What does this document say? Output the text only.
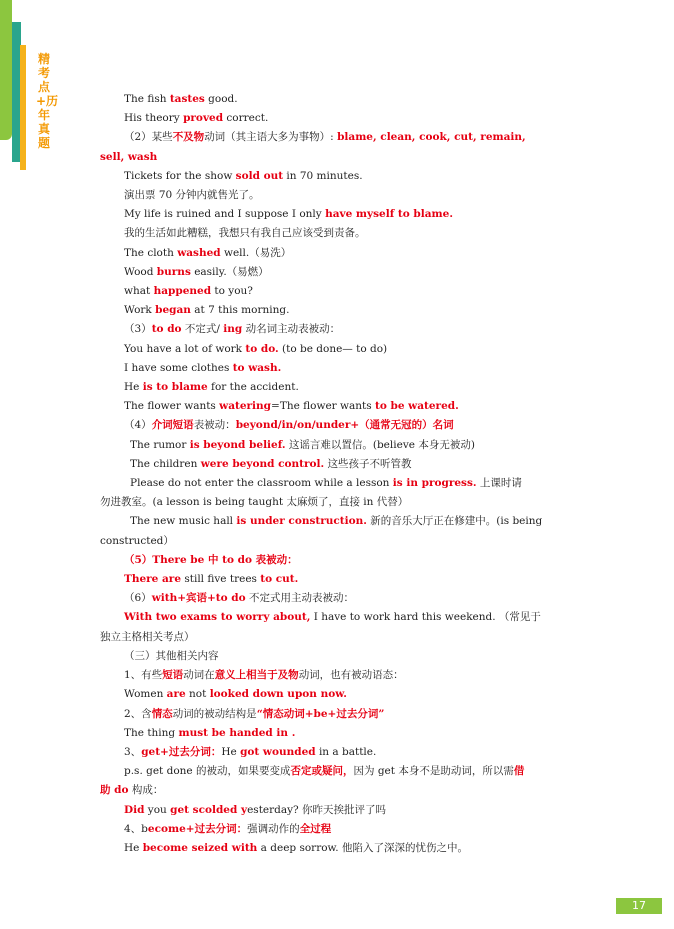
精考点+历年真题
The fish tastes good.
His theory proved correct.
（2）某些不及物动词（其主语大多为事物）: blame, clean, cook, cut, remain,
sell, wash
Tickets for the show sold out in 70 minutes.
演出票 70 分钟内就售光了。
My life is ruined and I suppose I only have myself to blame.
我的生活如此糟糕，我想只有我自己应该受到责备。
The cloth washed well.（易洗）
Wood burns easily.（易燃）
what happened to you?
Work began at 7 this morning.
（3）to do 不定式/ ing 动名词主动表被动：
You have a lot of work to do. (to be done— to do)
I have some clothes to wash.
He is to blame for the accident.
The flower wants watering=The flower wants to be watered.
（4）介词短语表被动：beyond/in/on/under+（通常无冠的）名词
The rumor is beyond belief. 这谣言难以置信。(believe 本身无被动)
The children were beyond control. 这些孩子不听管教
Please do not enter the classroom while a lesson is in progress. 上课时请
勿进教室。(a lesson is being taught 太麻烦了，直接 in 代替）
The new music hall is under construction. 新的音乐大厅正在修建中。(is being
constructed）
（5）There be 中 to do 表被动：
There are still five trees to cut.
（6）with+宾语+to do 不定式用主动表被动：
With two exams to worry about, I have to work hard this weekend. （常见于
独立主格相关考点）
（三）其他相关内容
1、有些短语动词在意义上相当于及物动词，也有被动语态：
Women are not looked down upon now.
2、含情态动词的被动结构是“情态动词+be+过去分词”
The thing must be handed in .
3、get+过去分词：He got wounded in a battle.
p.s. get done 的被动，如果要变成否定或疑问，因为 get 本身不是助动词，所以需借
助 do 构成：
Did you get scolded yesterday? 你昨天挨批评了吗
4、become+过去分词：强调动作的全过程
He become seized with a deep sorrow. 他陷入了深深的忧伤之中。
17
